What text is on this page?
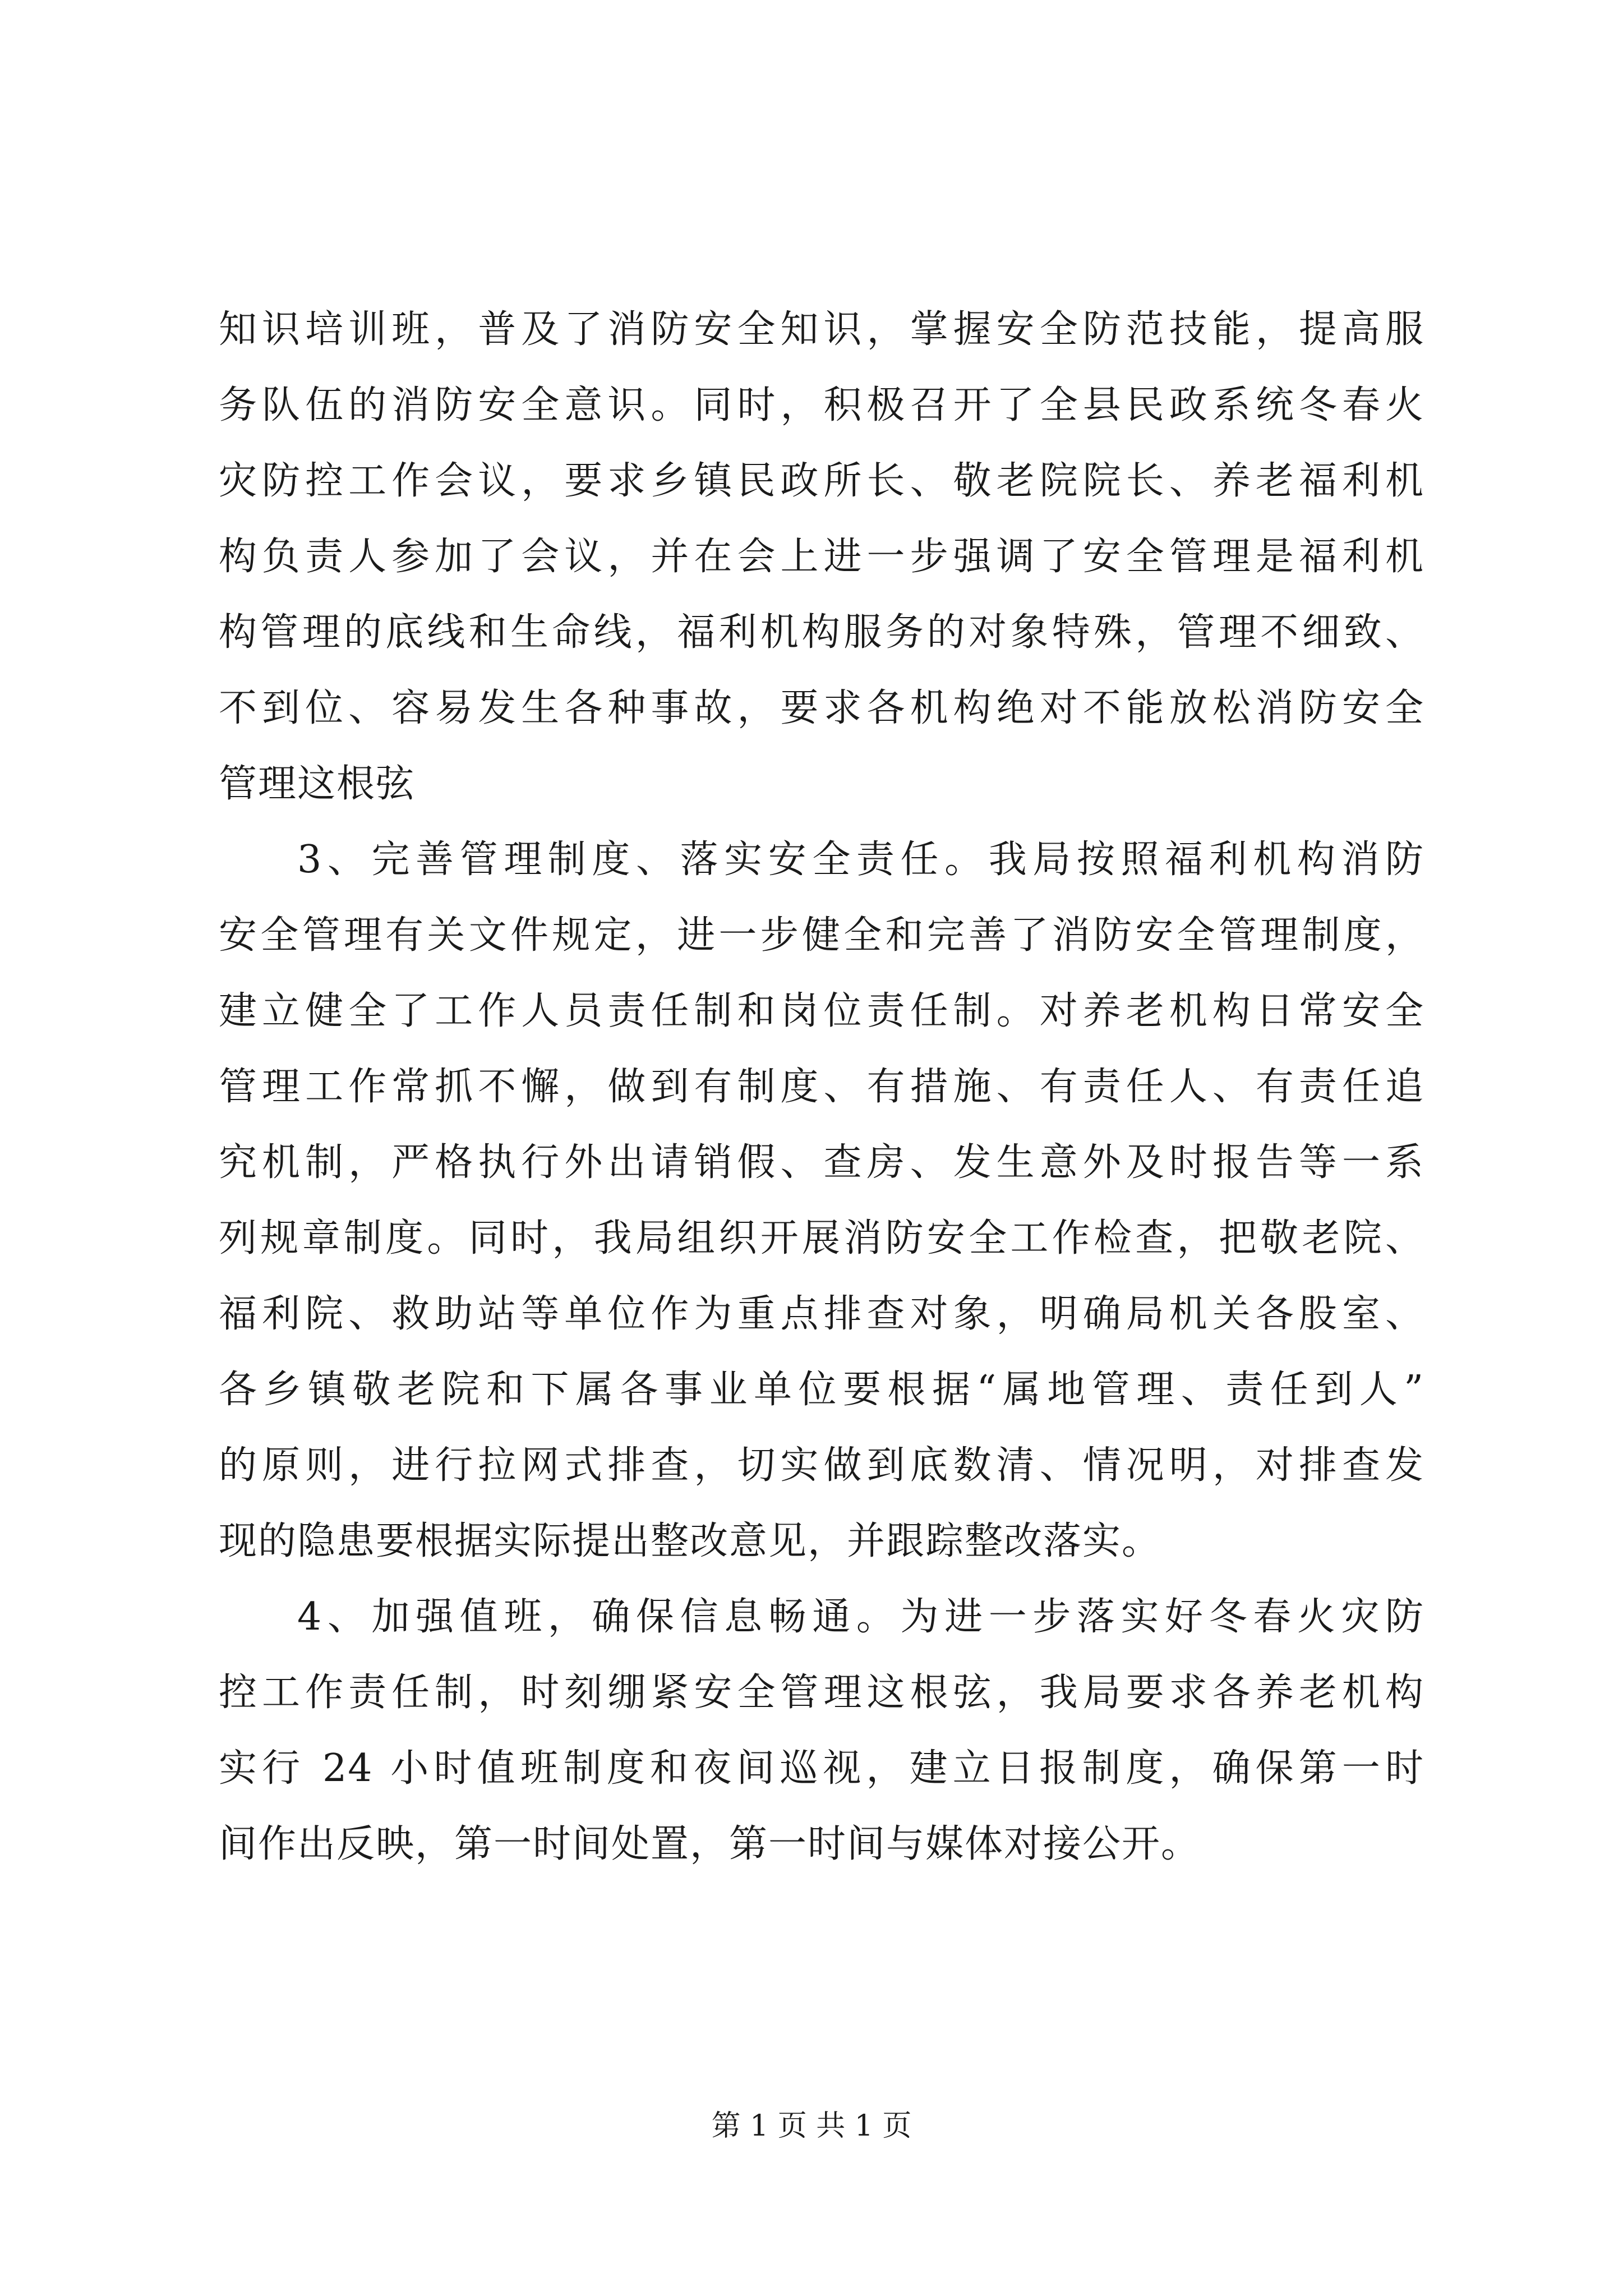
知识培训班，普及了消防安全知识，掌握安全防范技能，提高服
务队伍的消防安全意识。同时，积极召开了全县民政系统冬春火
灾防控工作会议，要求乡镇民政所长、敬老院院长、养老福利机
构负责人参加了会议，并在会上进一步强调了安全管理是福利机
构管理的底线和生命线，福利机构服务的对象特殊，管理不细致、
不到位、容易发生各种事故，要求各机构绝对不能放松消防安全
管理这根弦
3、完善管理制度、落实安全责任。我局按照福利机构消防
安全管理有关文件规定，进一步健全和完善了消防安全管理制度，
建立健全了工作人员责任制和岗位责任制。对养老机构日常安全
管理工作常抓不懈，做到有制度、有措施、有责任人、有责任追
究机制，严格执行外出请销假、查房、发生意外及时报告等一系
列规章制度。同时，我局组织开展消防安全工作检查，把敬老院、
福利院、救助站等单位作为重点排查对象，明确局机关各股室、
各乡镇敬老院和下属各事业单位要根据“属地管理、责任到人”
的原则，进行拉网式排查，切实做到底数清、情况明，对排查发
现的隐患要根据实际提出整改意见，并跟踪整改落实。
4、加强值班，确保信息畅通。为进一步落实好冬春火灾防
控工作责任制，时刻绷紧安全管理这根弦，我局要求各养老机构
实行 24 小时值班制度和夜间巡视，建立日报制度，确保第一时
间作出反映，第一时间处置，第一时间与媒体对接公开。
第 1 页 共 1 页
